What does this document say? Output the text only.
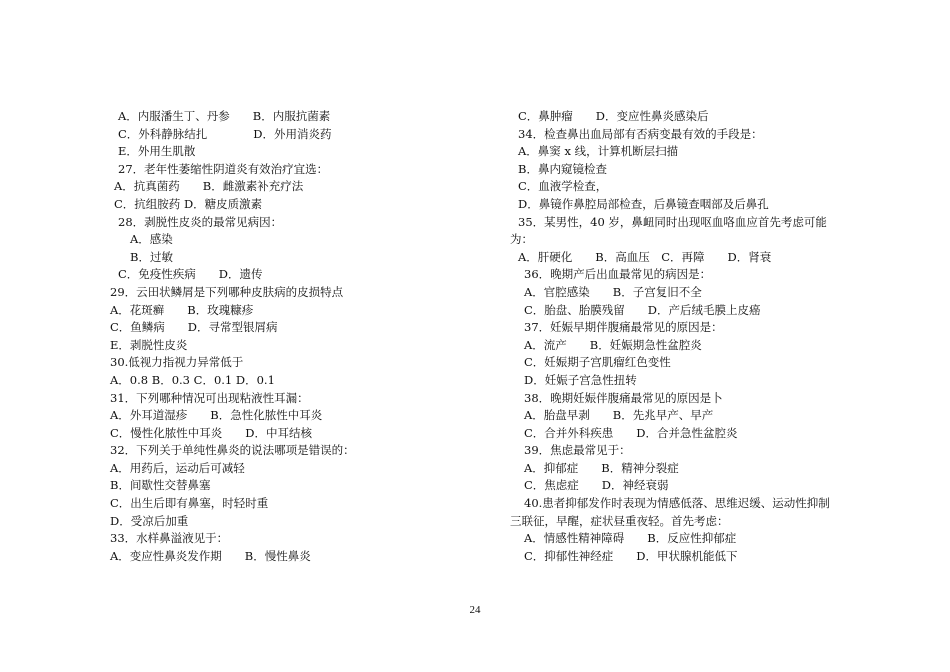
A．内服潘生丁、丹参　　B．内服抗菌素
C．外科静脉结扎　　　　D．外用消炎药
E．外用生肌散
27．老年性萎缩性阴道炎有效治疗宜选：
A．抗真菌药　　B．雌激素补充疗法
C．抗组胺药 D．糖皮质激素
28．剥脱性皮炎的最常见病因：
A．感染
B．过敏
C．免疫性疾病　　D．遗传
29．云田状鳞屑是下列哪种皮肤病的皮损特点
A．花斑癣　　B．玫瑰糠疹
C．鱼鳞病　　D．寻常型银屑病
E．剥脱性皮炎
30.低视力指视力异常低于
A．0.8 B．0.3 C．0.1 D．0.1
31．下列哪种情况可出现粘液性耳漏：
A．外耳道湿疹　　B．急性化脓性中耳炎
C．慢性化脓性中耳炎　　D．中耳结核
32．下列关于单纯性鼻炎的说法哪项是错误的：
A．用药后，运动后可减轻
B．间歇性交替鼻塞
C．出生后即有鼻塞，时轻时重
D．受凉后加重
33．水样鼻溢液见于：
A．变应性鼻炎发作期　　B．慢性鼻炎
C．鼻肿瘤　　D．变应性鼻炎感染后
34．检查鼻出血局部有否病变最有效的手段是：
A．鼻窦 x 线，计算机断层扫描
B．鼻内窥镜检查
C．血液学检查，
D．鼻镜作鼻腔局部检查，后鼻镜查咽部及后鼻孔
35．某男性，40 岁，鼻衄同时出现呕血咯血应首先考虑可能
为：
A．肝硬化　　B．高血压　C．再障　　D．肾衰
36．晚期产后出血最常见的病因是：
A．官腔感染　　B．子宫复旧不全
C．胎盘、胎膜残留　　D．产后绒毛膜上皮癌
37．妊娠早期伴腹痛最常见的原因是：
A．流产　　B．妊娠期急性盆腔炎
C．妊娠期子宫肌瘤红色变性
D．妊娠子宫急性扭转
38．晚期妊娠伴腹痛最常见的原因是卜
A．胎盘早剥　　B．先兆早产、早产
C．合并外科疾患　　D．合并急性盆腔炎
39．焦虑最常见于：
A．抑郁症　　B．精神分裂症
C．焦虑症　　D．神经衰弱
40.患者抑郁发作时表现为情感低落、思维迟缓、运动性抑制
三联征，早醒，症状昼重夜轻。首先考虑：
A．情感性精神障碍　　B．反应性抑郁症
C．抑郁性神经症　　D．甲状腺机能低下
24
